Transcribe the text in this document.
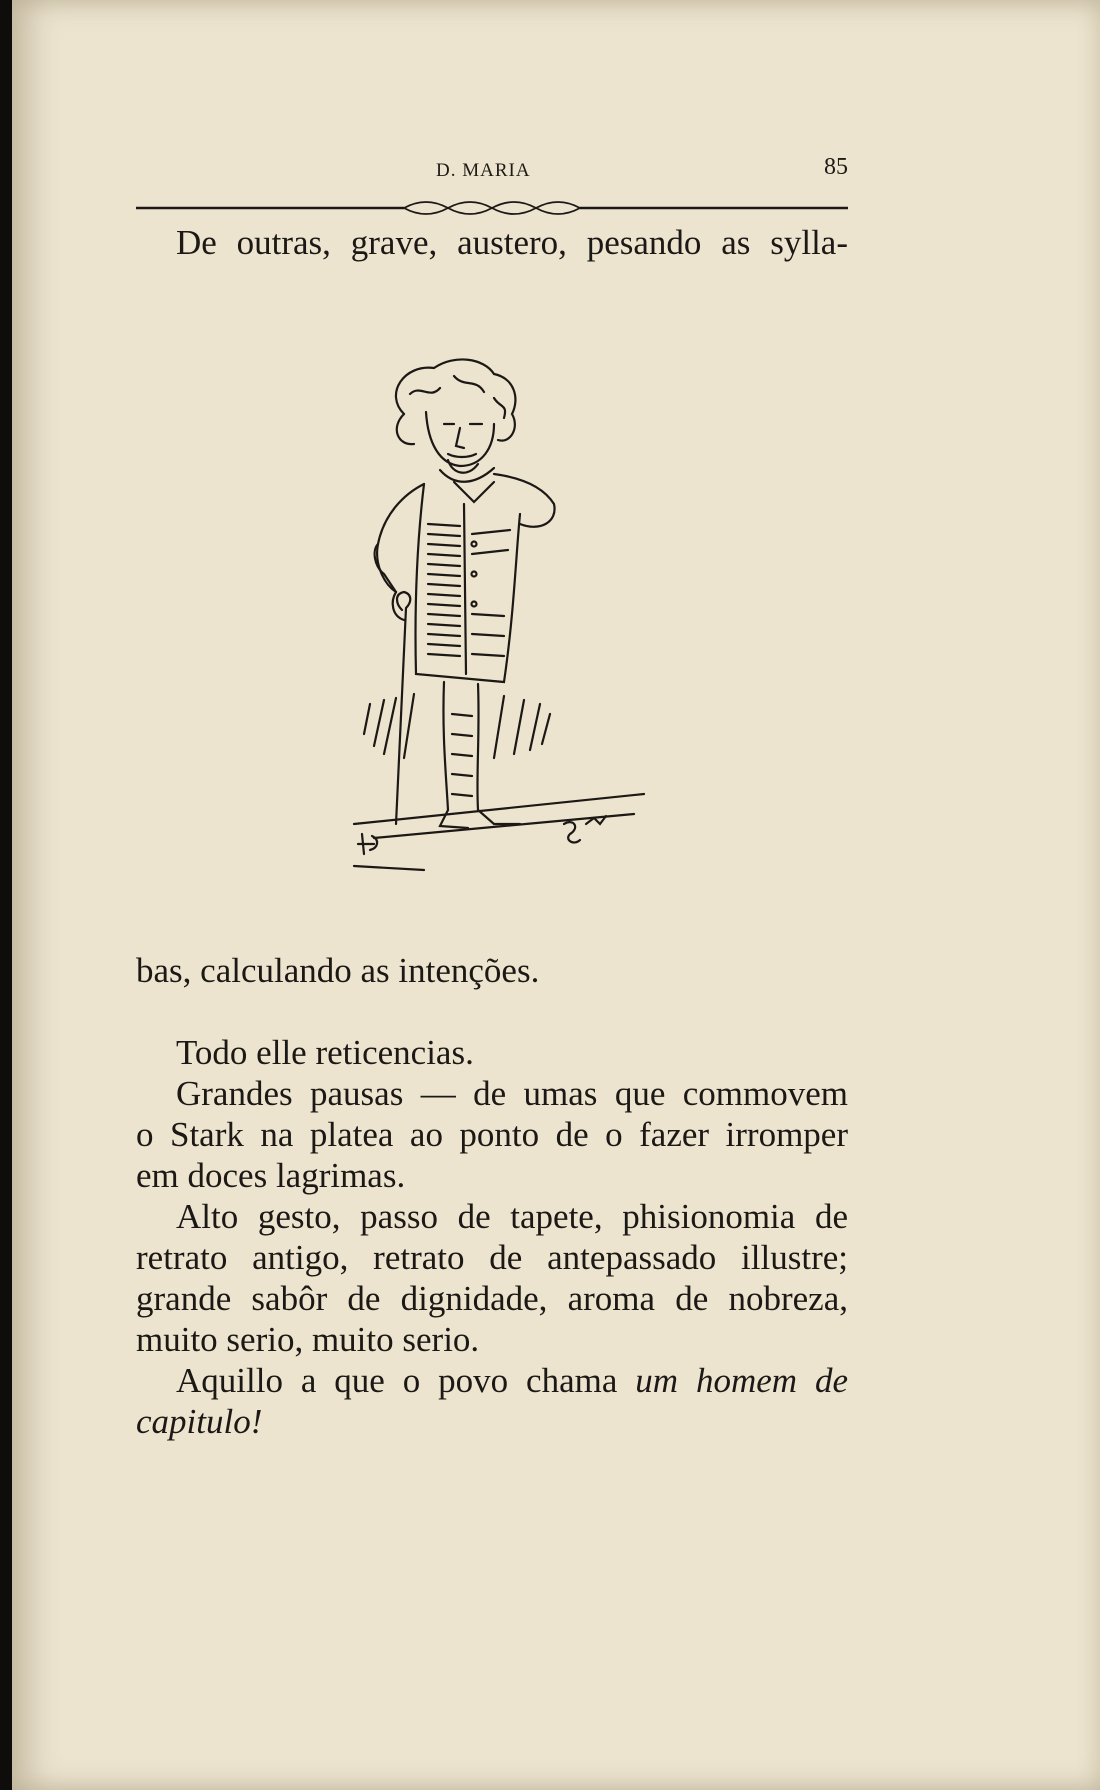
D. MARIA	85
De outras, grave, austero, pesando as sylla-
bas, calculando as intenções.
Todo elle reticencias.
Grandes pausas — de umas que commovem
o Stark na platea ao ponto de o fazer irromper
em doces lagrimas.
Alto gesto, passo de tapete, phisionomia de
retrato antigo, retrato de antepassado illustre;
grande sabôr de dignidade, aroma de nobreza,
muito serio, muito serio.
Aquillo a que o povo chama um homem de
capitulo!
